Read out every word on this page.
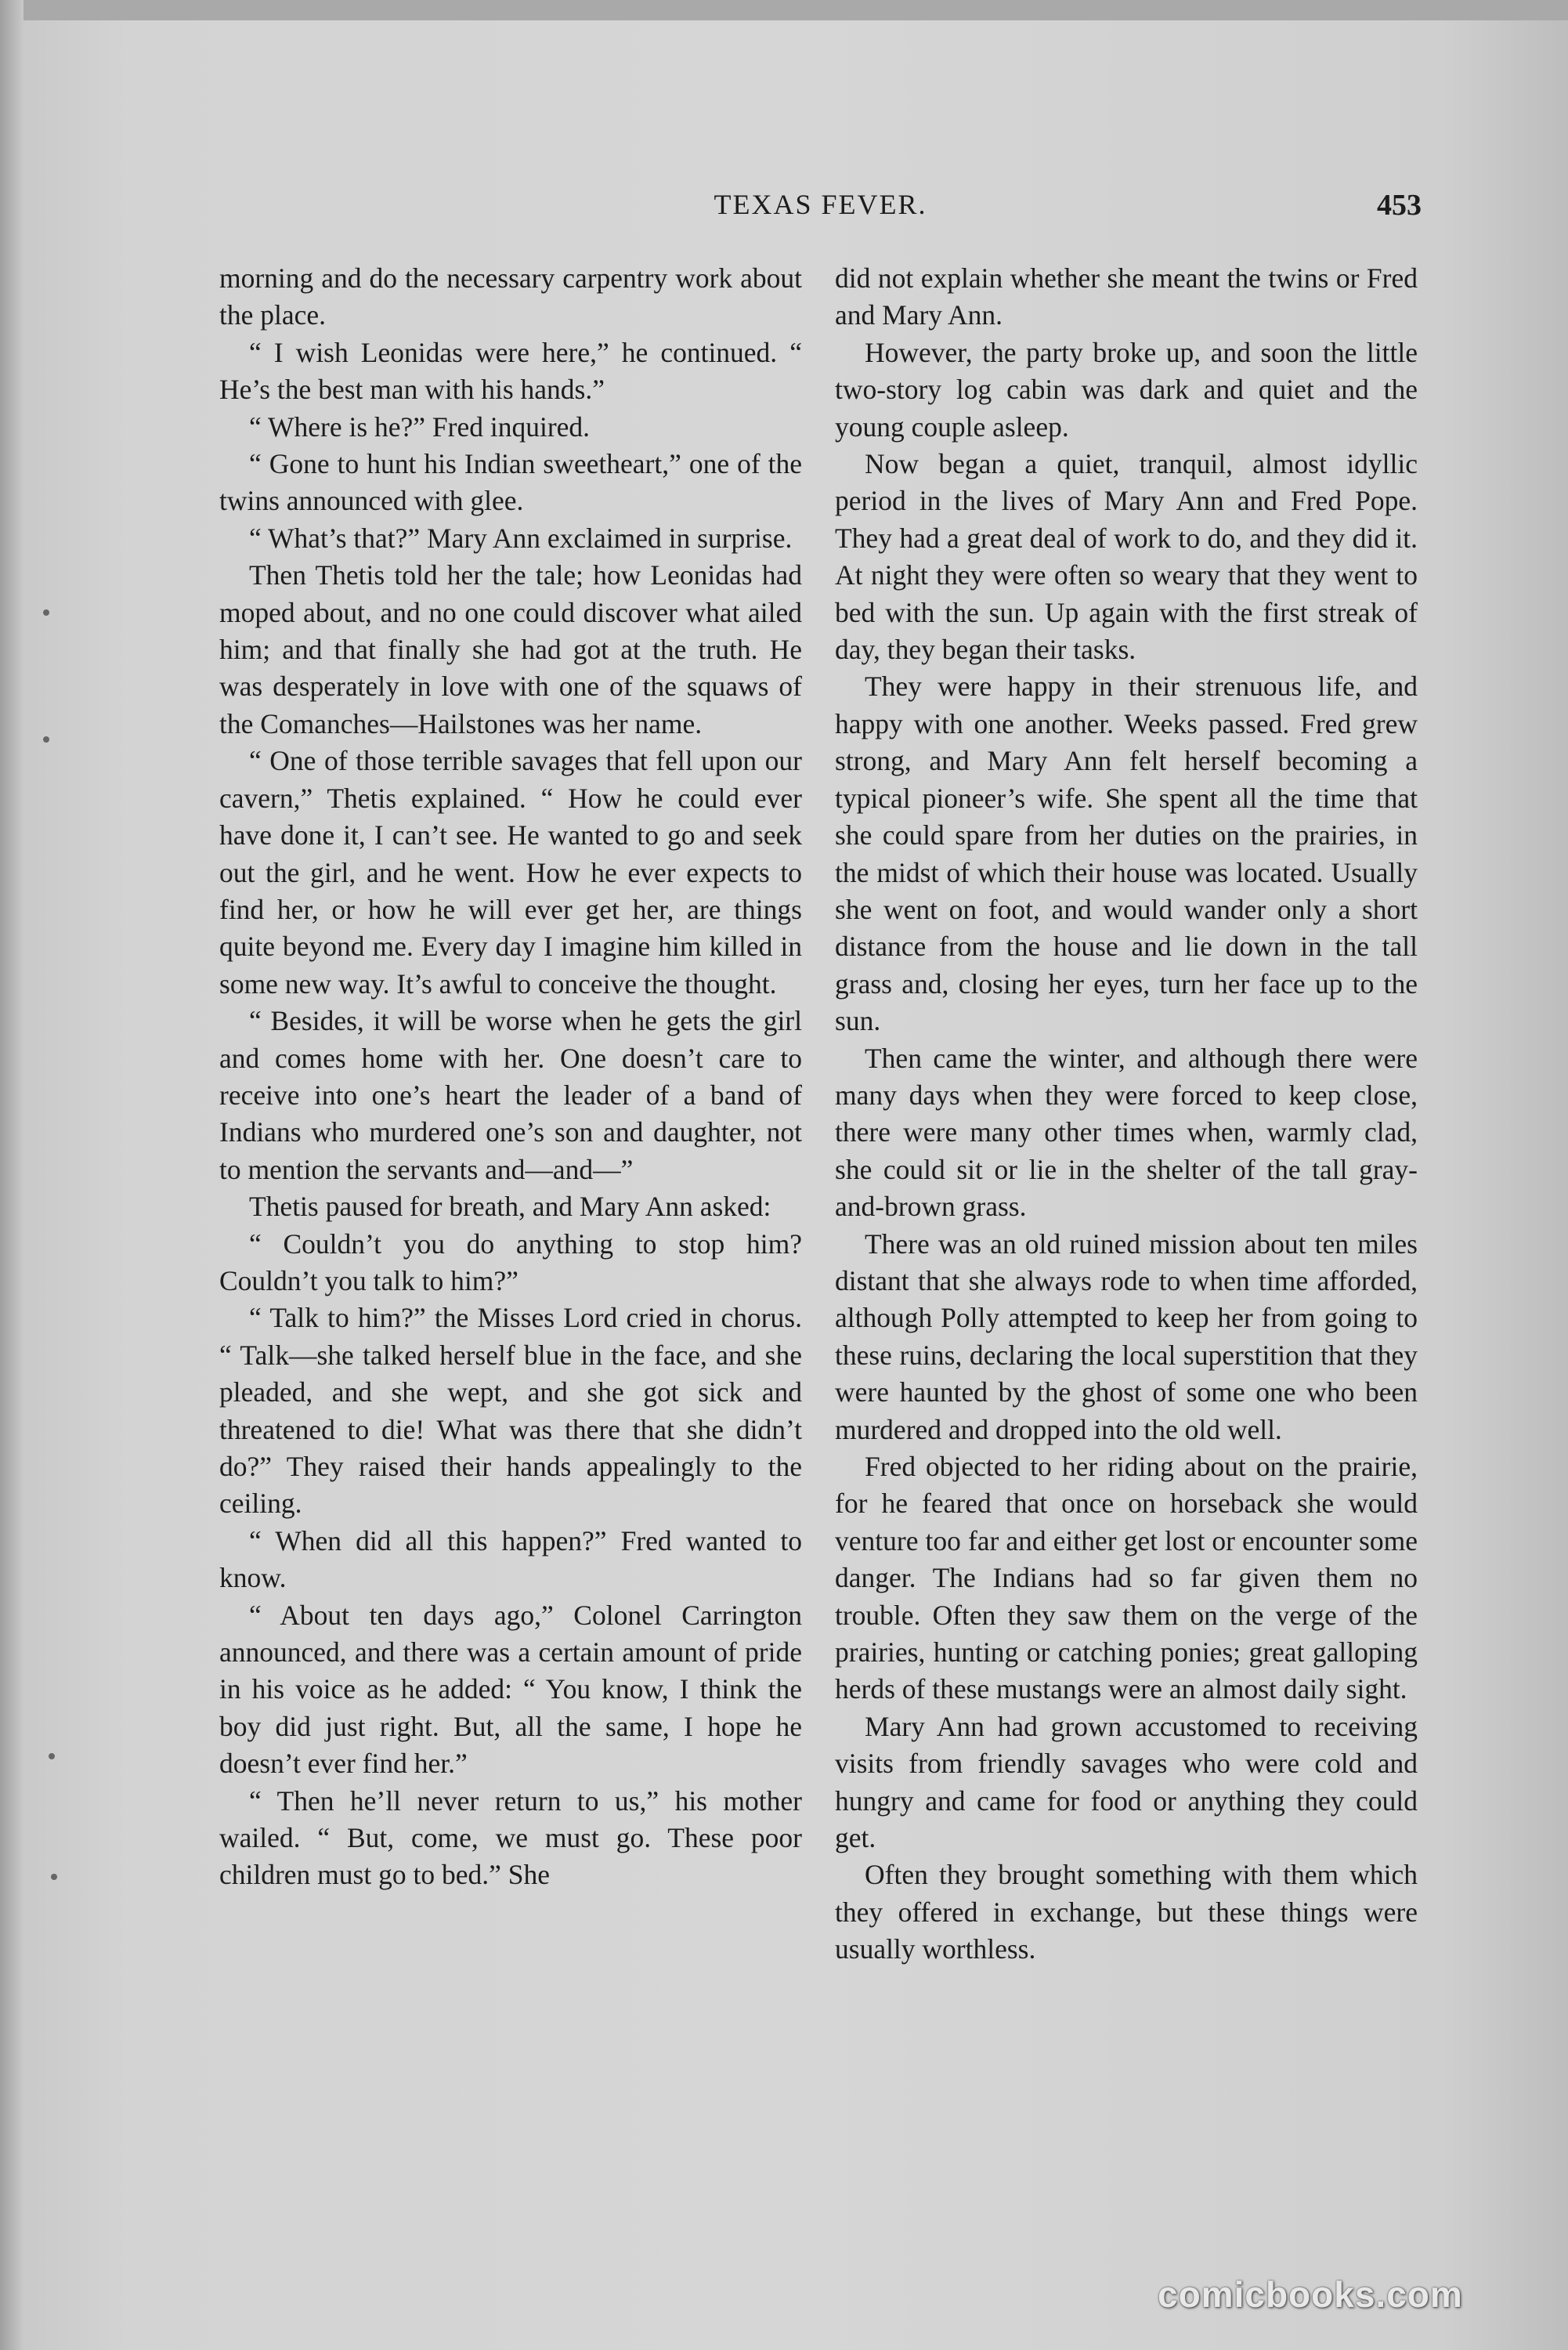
TEXAS FEVER.	453

morning and do the necessary carpentry work about the place.

“ I wish Leonidas were here,” he continued. “ He’s the best man with his hands.”

“ Where is he?” Fred inquired.

“ Gone to hunt his Indian sweetheart,” one of the twins announced with glee.

“ What’s that?” Mary Ann exclaimed in surprise.

Then Thetis told her the tale; how Leonidas had moped about, and no one could discover what ailed him; and that finally she had got at the truth. He was desperately in love with one of the squaws of the Comanches—Hailstones was her name.

“ One of those terrible savages that fell upon our cavern,” Thetis explained. “ How he could ever have done it, I can’t see. He wanted to go and seek out the girl, and he went. How he ever expects to find her, or how he will ever get her, are things quite beyond me. Every day I imagine him killed in some new way. It’s awful to conceive the thought.

“ Besides, it will be worse when he gets the girl and comes home with her. One doesn’t care to receive into one’s heart the leader of a band of Indians who murdered one’s son and daughter, not to mention the servants and—and—”

Thetis paused for breath, and Mary Ann asked:

“ Couldn’t you do anything to stop him? Couldn’t you talk to him?”

“ Talk to him?” the Misses Lord cried in chorus. “ Talk—she talked herself blue in the face, and she pleaded, and she wept, and she got sick and threatened to die! What was there that she didn’t do?” They raised their hands appealingly to the ceiling.

“ When did all this happen?” Fred wanted to know.

“ About ten days ago,” Colonel Carrington announced, and there was a certain amount of pride in his voice as he added: “ You know, I think the boy did just right. But, all the same, I hope he doesn’t ever find her.”

“ Then he’ll never return to us,” his mother wailed. “ But, come, we must go. These poor children must go to bed.” She

did not explain whether she meant the twins or Fred and Mary Ann.

However, the party broke up, and soon the little two-story log cabin was dark and quiet and the young couple asleep.

Now began a quiet, tranquil, almost idyllic period in the lives of Mary Ann and Fred Pope. They had a great deal of work to do, and they did it. At night they were often so weary that they went to bed with the sun. Up again with the first streak of day, they began their tasks.

They were happy in their strenuous life, and happy with one another. Weeks passed. Fred grew strong, and Mary Ann felt herself becoming a typical pioneer’s wife. She spent all the time that she could spare from her duties on the prairies, in the midst of which their house was located. Usually she went on foot, and would wander only a short distance from the house and lie down in the tall grass and, closing her eyes, turn her face up to the sun.

Then came the winter, and although there were many days when they were forced to keep close, there were many other times when, warmly clad, she could sit or lie in the shelter of the tall gray-and-brown grass.

There was an old ruined mission about ten miles distant that she always rode to when time afforded, although Polly attempted to keep her from going to these ruins, declaring the local superstition that they were haunted by the ghost of some one who been murdered and dropped into the old well.

Fred objected to her riding about on the prairie, for he feared that once on horseback she would venture too far and either get lost or encounter some danger. The Indians had so far given them no trouble. Often they saw them on the verge of the prairies, hunting or catching ponies; great galloping herds of these mustangs were an almost daily sight.

Mary Ann had grown accustomed to receiving visits from friendly savages who were cold and hungry and came for food or anything they could get.

Often they brought something with them which they offered in exchange, but these things were usually worthless.

comicbooks.com
